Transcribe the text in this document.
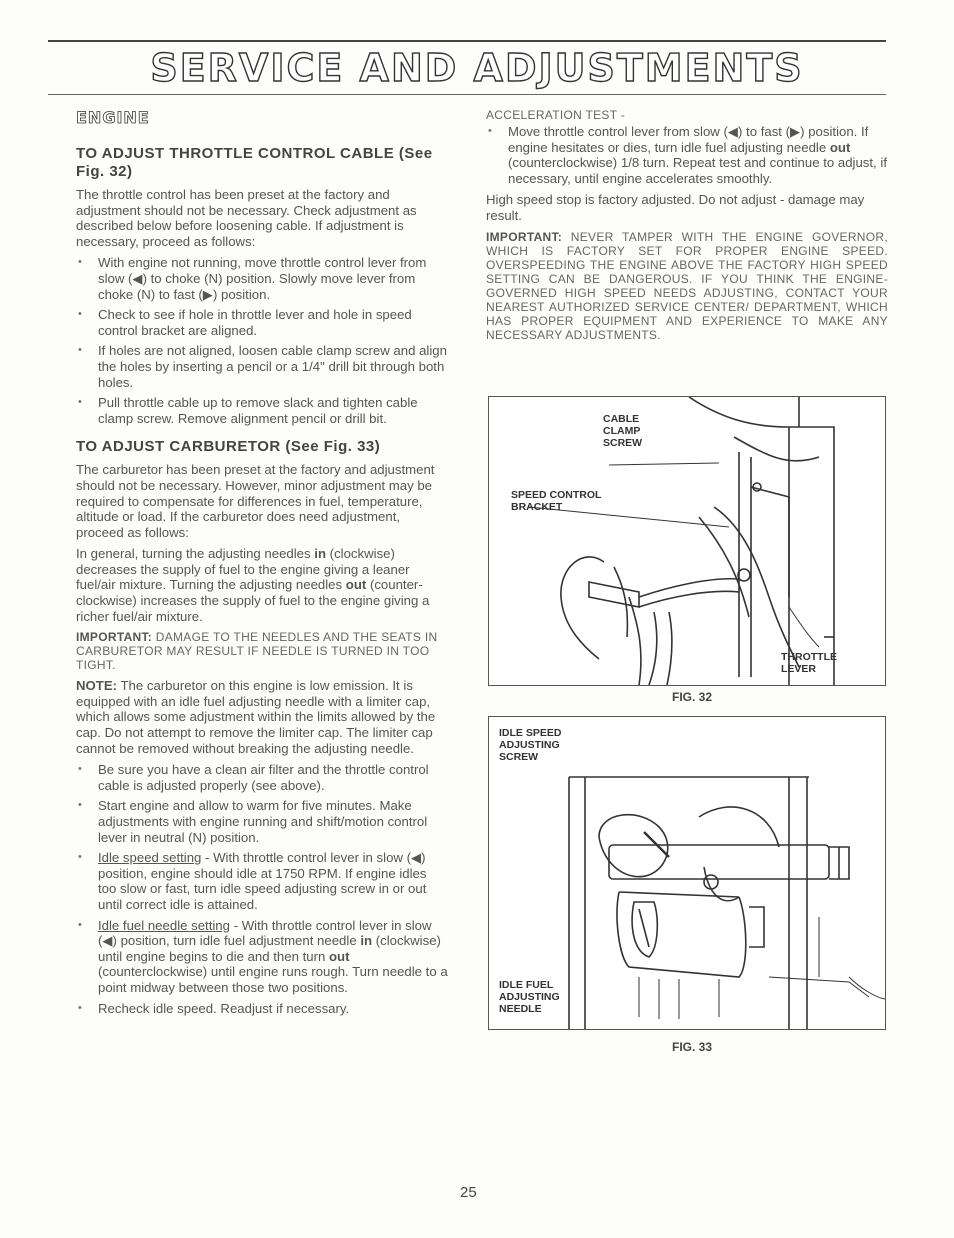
SERVICE AND ADJUSTMENTS
ENGINE
TO ADJUST THROTTLE CONTROL CABLE (See Fig. 32)

The throttle control has been preset at the factory and adjustment should not be necessary. Check adjustment as described below before loosening cable. If adjustment is necessary, proceed as follows:

• With engine not running, move throttle control lever from slow (◀) to choke (N) position. Slowly move lever from choke (N) to fast (▶) position.
• Check to see if hole in throttle lever and hole in speed control bracket are aligned.
• If holes are not aligned, loosen cable clamp screw and align the holes by inserting a pencil or a 1/4" drill bit through both holes.
• Pull throttle cable up to remove slack and tighten cable clamp screw. Remove alignment pencil or drill bit.
TO ADJUST CARBURETOR (See Fig. 33)

The carburetor has been preset at the factory and adjustment should not be necessary. However, minor adjustment may be required to compensate for differences in fuel, temperature, altitude or load. If the carburetor does need adjustment, proceed as follows:

In general, turning the adjusting needles in (clockwise) decreases the supply of fuel to the engine giving a leaner fuel/air mixture. Turning the adjusting needles out (counter-clockwise) increases the supply of fuel to the engine giving a richer fuel/air mixture.

IMPORTANT: DAMAGE TO THE NEEDLES AND THE SEATS IN CARBURETOR MAY RESULT IF NEEDLE IS TURNED IN TOO TIGHT.

NOTE: The carburetor on this engine is low emission. It is equipped with an idle fuel adjusting needle with a limiter cap, which allows some adjustment within the limits allowed by the cap. Do not attempt to remove the limiter cap. The limiter cap cannot be removed without breaking the adjusting needle.

• Be sure you have a clean air filter and the throttle control cable is adjusted properly (see above).
• Start engine and allow to warm for five minutes. Make adjustments with engine running and shift/motion control lever in neutral (N) position.
• Idle speed setting - With throttle control lever in slow (◀) position, engine should idle at 1750 RPM. If engine idles too slow or fast, turn idle speed adjusting screw in or out until correct idle is attained.
• Idle fuel needle setting - With throttle control lever in slow (◀) position, turn idle fuel adjustment needle in (clockwise) until engine begins to die and then turn out (counterclockwise) until engine runs rough. Turn needle to a point midway between those two positions.
• Recheck idle speed. Readjust if necessary.

ACCELERATION TEST -

• Move throttle control lever from slow (◀) to fast (▶) position. If engine hesitates or dies, turn idle fuel adjusting needle out (counterclockwise) 1/8 turn. Repeat test and continue to adjust, if necessary, until engine accelerates smoothly.

High speed stop is factory adjusted. Do not adjust - damage may result.

IMPORTANT: NEVER TAMPER WITH THE ENGINE GOVERNOR, WHICH IS FACTORY SET FOR PROPER ENGINE SPEED. OVERSPEEDING THE ENGINE ABOVE THE FACTORY HIGH SPEED SETTING CAN BE DANGEROUS. IF YOU THINK THE ENGINE-GOVERNED HIGH SPEED NEEDS ADJUSTING, CONTACT YOUR NEAREST AUTHORIZED SERVICE CENTER/ DEPARTMENT, WHICH HAS PROPER EQUIPMENT AND EXPERIENCE TO MAKE ANY NECESSARY ADJUSTMENTS.

CABLE
CLAMP
SCREW
SPEED CONTROL
BRACKET
THROTTLE
LEVER
FIG. 32
IDLE SPEED
ADJUSTING
SCREW
IDLE FUEL
ADJUSTING
NEEDLE
FIG. 33
25
